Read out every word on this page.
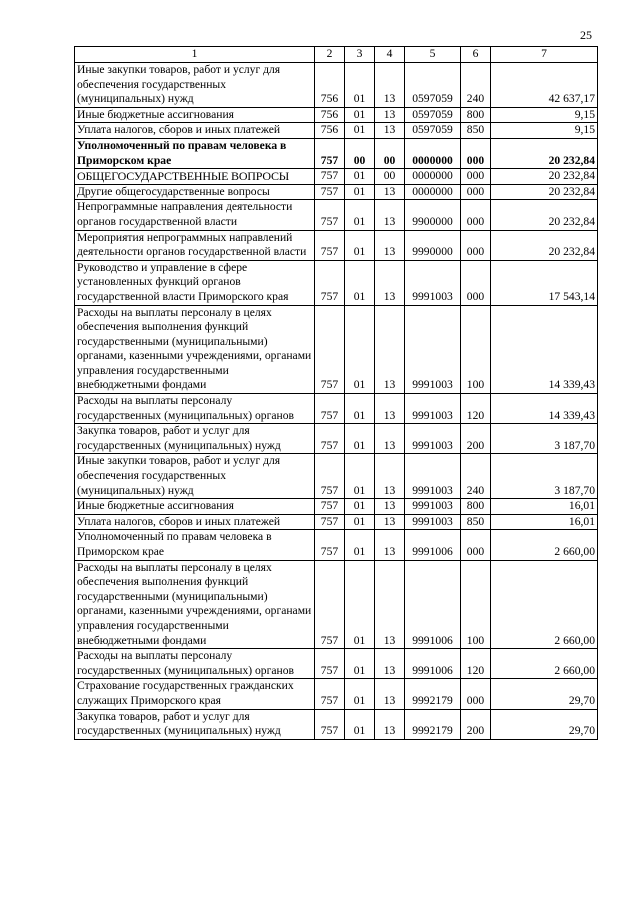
25
1	2	3	4	5	6	7
Иные закупки товаров, работ и услуг для обеспечения государственных (муниципальных) нужд	756	01	13	0597059	240	42 637,17
Иные бюджетные ассигнования	756	01	13	0597059	800	9,15
Уплата налогов, сборов и иных платежей	756	01	13	0597059	850	9,15
Уполномоченный по правам человека в Приморском крае	757	00	00	0000000	000	20 232,84
ОБЩЕГОСУДАРСТВЕННЫЕ ВОПРОСЫ	757	01	00	0000000	000	20 232,84
Другие общегосударственные вопросы	757	01	13	0000000	000	20 232,84
Непрограммные направления деятельности органов государственной власти	757	01	13	9900000	000	20 232,84
Мероприятия непрограммных направлений деятельности органов государственной власти	757	01	13	9990000	000	20 232,84
Руководство и управление в сфере установленных функций органов государственной власти Приморского края	757	01	13	9991003	000	17 543,14
Расходы на выплаты персоналу в целях обеспечения выполнения функций государственными (муниципальными) органами, казенными учреждениями, органами управления государственными внебюджетными фондами	757	01	13	9991003	100	14 339,43
Расходы на выплаты персоналу государственных (муниципальных) органов	757	01	13	9991003	120	14 339,43
Закупка товаров, работ и услуг для государственных (муниципальных) нужд	757	01	13	9991003	200	3 187,70
Иные закупки товаров, работ и услуг для обеспечения государственных (муниципальных) нужд	757	01	13	9991003	240	3 187,70
Иные бюджетные ассигнования	757	01	13	9991003	800	16,01
Уплата налогов, сборов и иных платежей	757	01	13	9991003	850	16,01
Уполномоченный по правам человека в Приморском крае	757	01	13	9991006	000	2 660,00
Расходы на выплаты персоналу в целях обеспечения выполнения функций государственными (муниципальными) органами, казенными учреждениями, органами управления государственными внебюджетными фондами	757	01	13	9991006	100	2 660,00
Расходы на выплаты персоналу государственных (муниципальных) органов	757	01	13	9991006	120	2 660,00
Страхование государственных гражданских служащих Приморского края	757	01	13	9992179	000	29,70
Закупка товаров, работ и услуг для государственных (муниципальных) нужд	757	01	13	9992179	200	29,70
